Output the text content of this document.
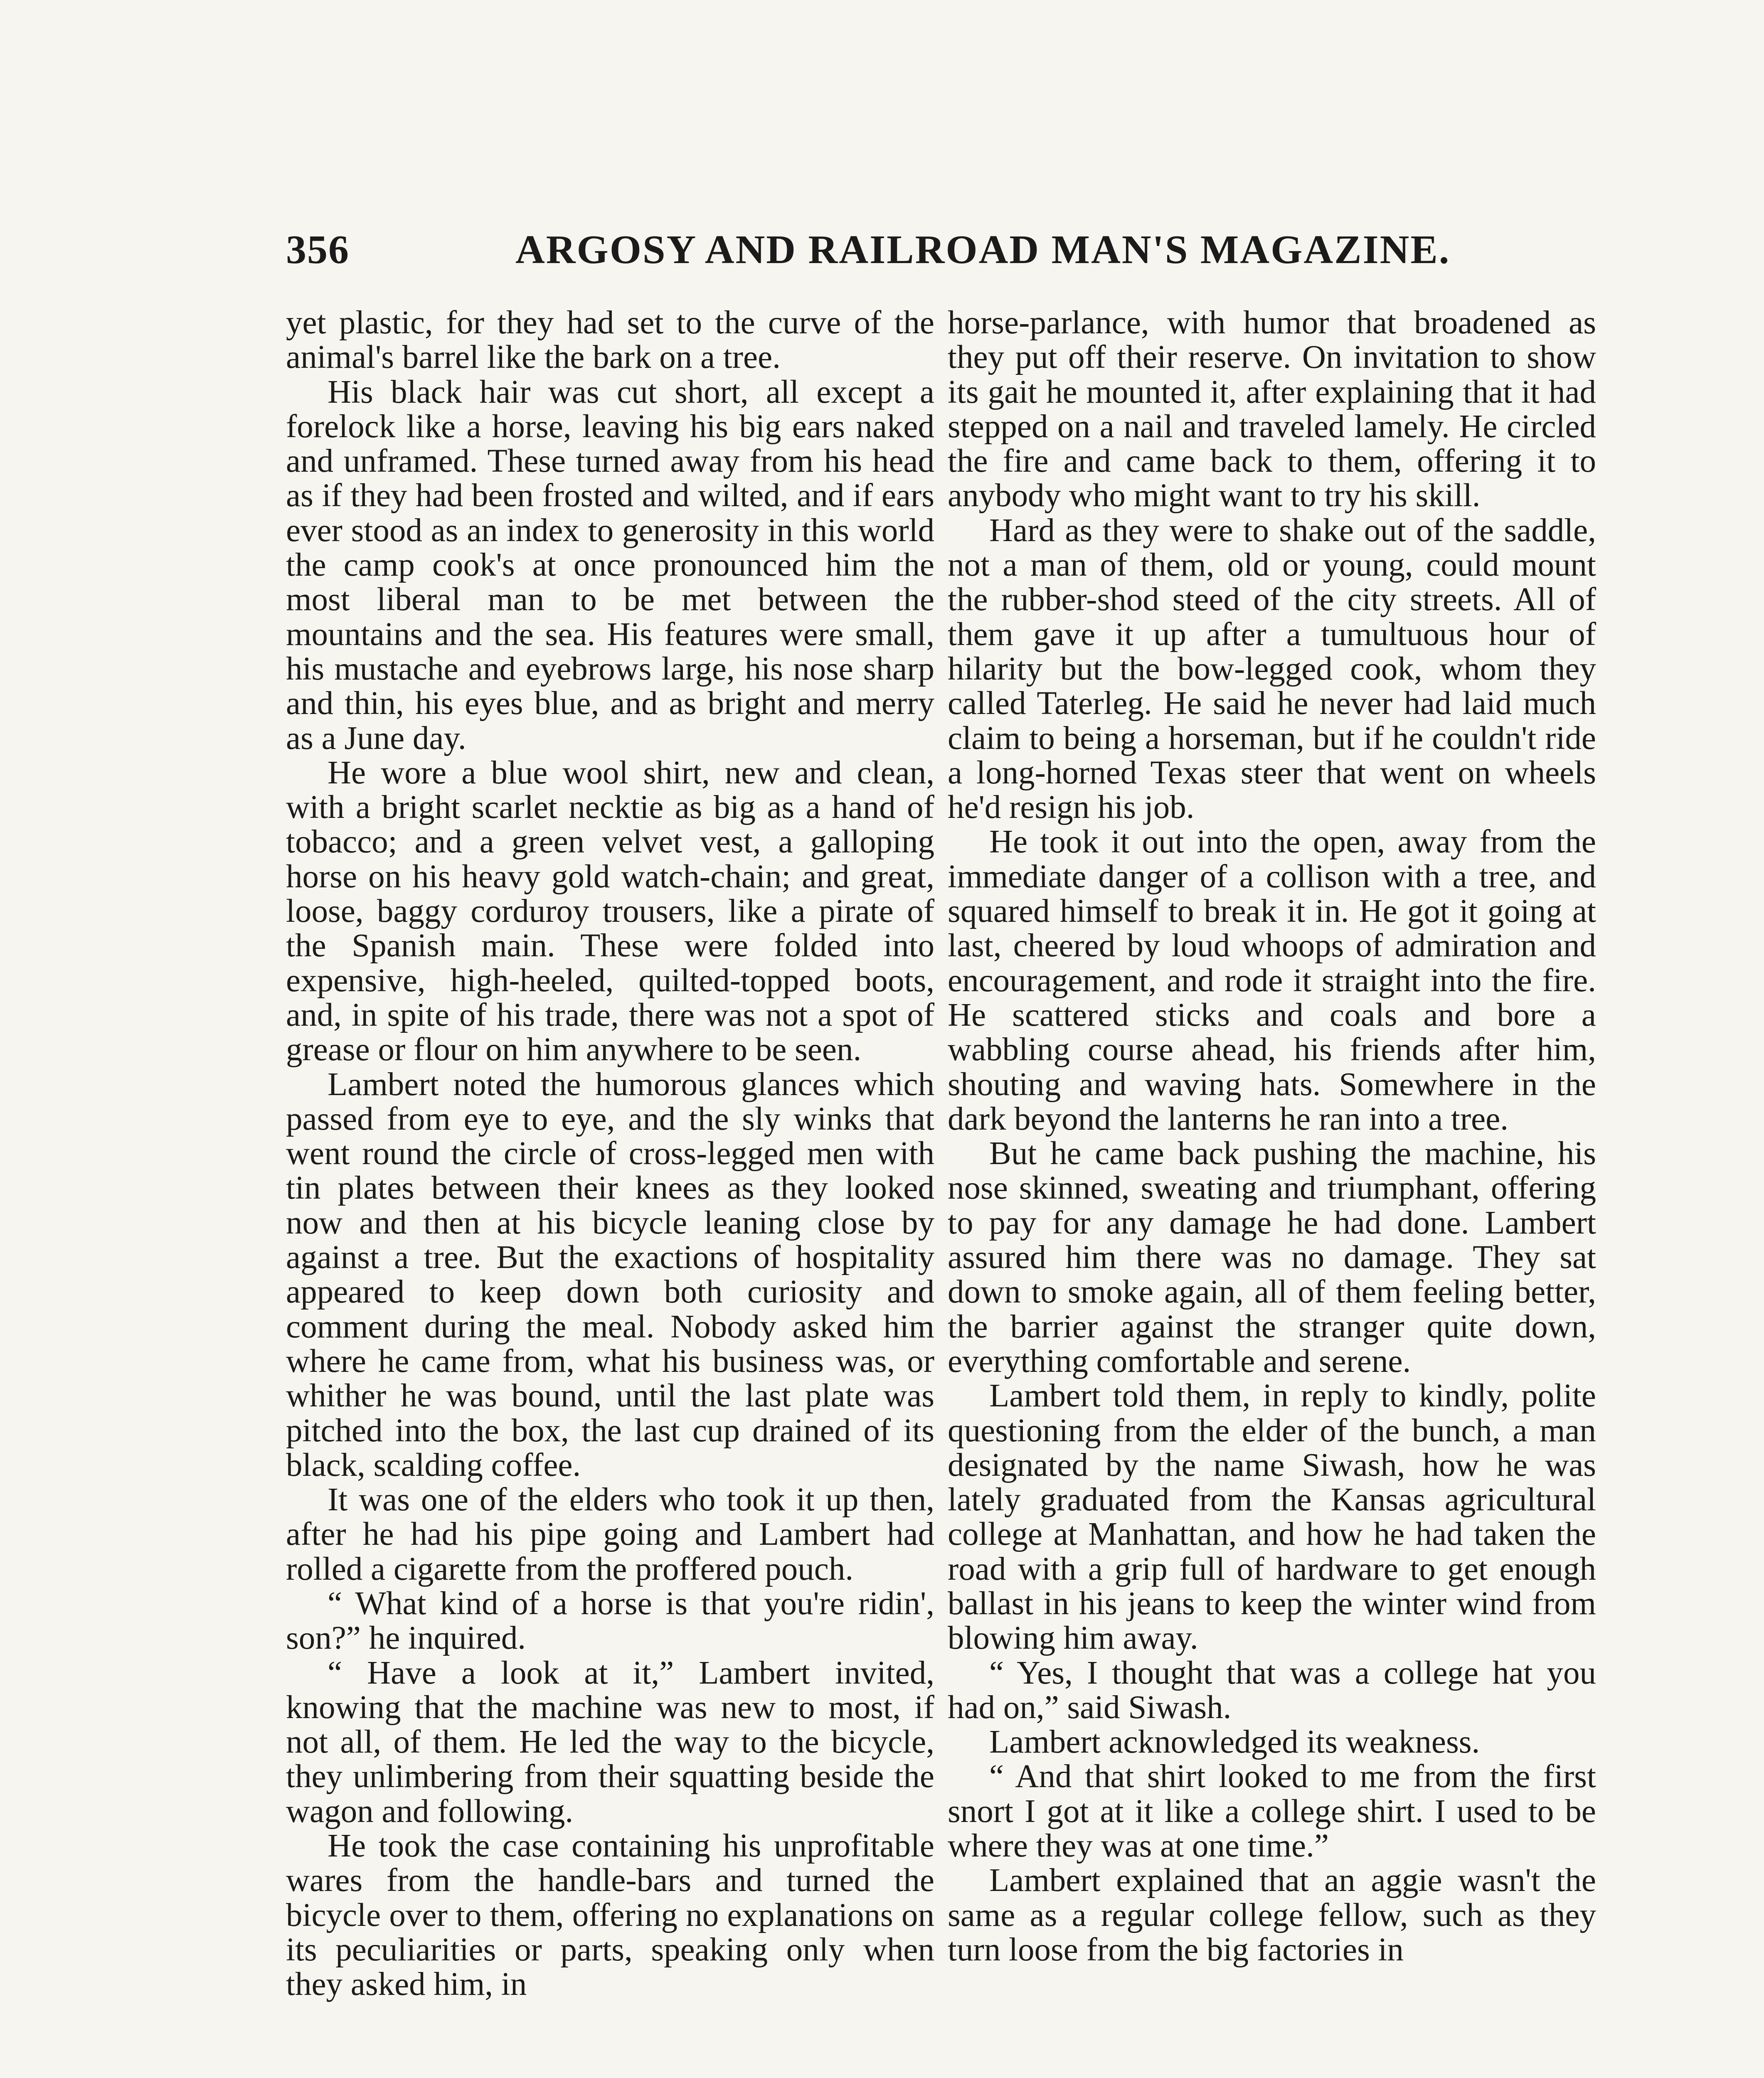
356	ARGOSY AND RAILROAD MAN'S MAGAZINE.

yet plastic, for they had set to the curve of the animal's barrel like the bark on a tree.

His black hair was cut short, all except a forelock like a horse, leaving his big ears naked and unframed. These turned away from his head as if they had been frosted and wilted, and if ears ever stood as an index to generosity in this world the camp cook's at once pronounced him the most liberal man to be met between the mountains and the sea. His features were small, his mustache and eyebrows large, his nose sharp and thin, his eyes blue, and as bright and merry as a June day.

He wore a blue wool shirt, new and clean, with a bright scarlet necktie as big as a hand of tobacco; and a green velvet vest, a galloping horse on his heavy gold watch-chain; and great, loose, baggy corduroy trousers, like a pirate of the Spanish main. These were folded into expensive, high-heeled, quilted-topped boots, and, in spite of his trade, there was not a spot of grease or flour on him anywhere to be seen.

Lambert noted the humorous glances which passed from eye to eye, and the sly winks that went round the circle of cross-legged men with tin plates between their knees as they looked now and then at his bicycle leaning close by against a tree. But the exactions of hospitality appeared to keep down both curiosity and comment during the meal. Nobody asked him where he came from, what his business was, or whither he was bound, until the last plate was pitched into the box, the last cup drained of its black, scalding coffee.

It was one of the elders who took it up then, after he had his pipe going and Lambert had rolled a cigarette from the proffered pouch.

“ What kind of a horse is that you're ridin', son?” he inquired.

“ Have a look at it,” Lambert invited, knowing that the machine was new to most, if not all, of them. He led the way to the bicycle, they unlimbering from their squatting beside the wagon and following.

He took the case containing his unprofitable wares from the handle-bars and turned the bicycle over to them, offering no explanations on its peculiarities or parts, speaking only when they asked him, in

horse-parlance, with humor that broadened as they put off their reserve. On invitation to show its gait he mounted it, after explaining that it had stepped on a nail and traveled lamely. He circled the fire and came back to them, offering it to anybody who might want to try his skill.

Hard as they were to shake out of the saddle, not a man of them, old or young, could mount the rubber-shod steed of the city streets. All of them gave it up after a tumultuous hour of hilarity but the bow-legged cook, whom they called Taterleg. He said he never had laid much claim to being a horseman, but if he couldn't ride a long-horned Texas steer that went on wheels he'd resign his job.

He took it out into the open, away from the immediate danger of a collison with a tree, and squared himself to break it in. He got it going at last, cheered by loud whoops of admiration and encouragement, and rode it straight into the fire. He scattered sticks and coals and bore a wabbling course ahead, his friends after him, shouting and waving hats. Somewhere in the dark beyond the lanterns he ran into a tree.

But he came back pushing the machine, his nose skinned, sweating and triumphant, offering to pay for any damage he had done. Lambert assured him there was no damage. They sat down to smoke again, all of them feeling better, the barrier against the stranger quite down, everything comfortable and serene.

Lambert told them, in reply to kindly, polite questioning from the elder of the bunch, a man designated by the name Siwash, how he was lately graduated from the Kansas agricultural college at Manhattan, and how he had taken the road with a grip full of hardware to get enough ballast in his jeans to keep the winter wind from blowing him away.

“ Yes, I thought that was a college hat you had on,” said Siwash.

Lambert acknowledged its weakness.

“ And that shirt looked to me from the first snort I got at it like a college shirt. I used to be where they was at one time.”

Lambert explained that an aggie wasn't the same as a regular college fellow, such as they turn loose from the big factories in
